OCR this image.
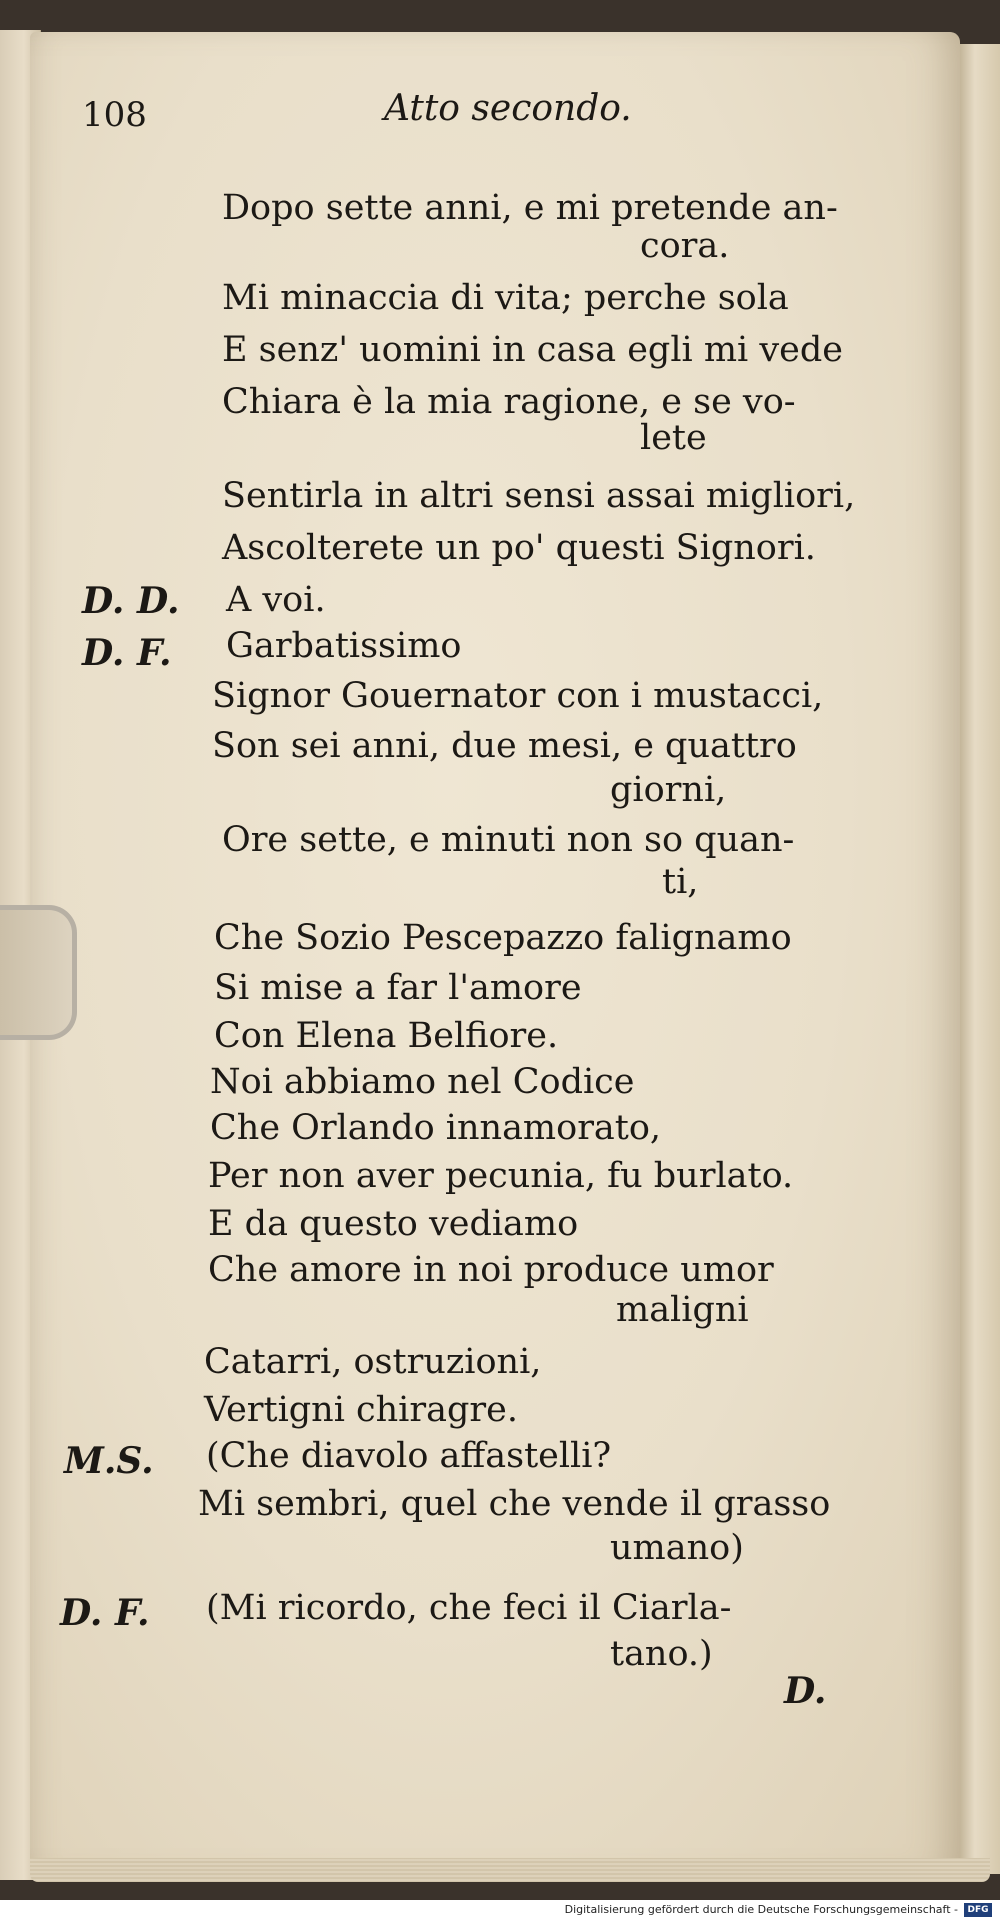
108	Atto secondo.
Dopo sette anni, e mi pretende an-
cora.
Mi minaccia di vita; perche sola
E senz' uomini in casa egli mi vede
Chiara è la mia ragione, e se vo-
lete
Sentirla in altri sensi assai migliori,
Ascolterete un po' questi Signori.
D. D. A voi.
D. F. Garbatissimo
Signor Gouernator con i mustacci,
Son sei anni, due mesi, e quattro
giorni,
Ore sette, e minuti non so quan-
ti,
Che Sozio Pescepazzo falignamo
Si mise a far l'amore
Con Elena Belfiore.
Noi abbiamo nel Codice
Che Orlando innamorato,
Per non aver pecunia, fu burlato.
E da questo vediamo
Che amore in noi produce umor
maligni
Catarri, ostruzioni,
Vertigni chiragre.
M.S. (Che diavolo affastelli?
Mi sembri, quel che vende il grasso
umano)
D. F. (Mi ricordo, che feci il Ciarla-
tano.)
D.
Digitalisierung gefördert durch die Deutsche Forschungsgemeinschaft -	DFG
